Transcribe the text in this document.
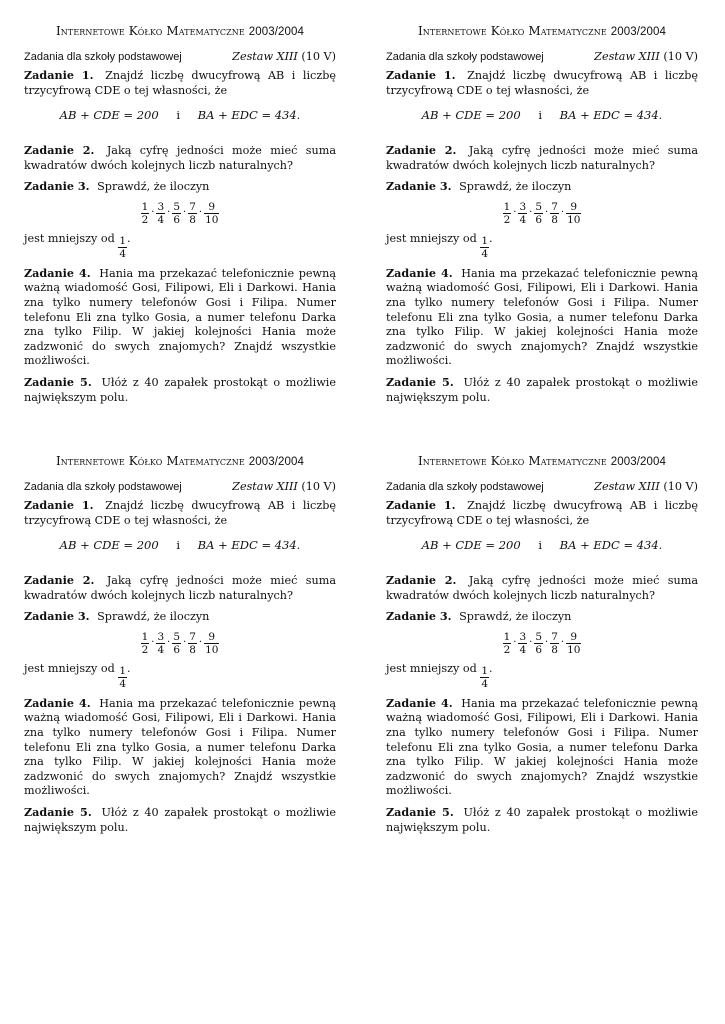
Internetowe Kółko Matematyczne 2003/2004
Zadania dla szkoły podstawowej	Zestaw XIII (10 V)

Zadanie 1. Znajdź liczbę dwucyfrową AB i liczbę trzycyfrową CDE o tej własności, że

AB + CDE = 200 i BA + EDC = 434.

Zadanie 2. Jaką cyfrę jedności może mieć suma kwadratów dwóch kolejnych liczb naturalnych?

Zadanie 3. Sprawdź, że iloczyn

$\frac{1}{2} \cdot \frac{3}{4} \cdot \frac{5}{6} \cdot \frac{7}{8} \cdot \frac{9}{10}$
jest mniejszy od $\frac{1}{4}$ .

Zadanie 4. Hania ma przekazać telefonicznie pewną ważną wiadomość Gosi, Filipowi, Eli i Darkowi. Hania zna tylko numery telefonów Gosi i Filipa. Numer telefonu Eli zna tylko Gosia, a numer telefonu Darka zna tylko Filip. W jakiej kolejności Hania może zadzwonić do swych znajomych? Znajdź wszystkie możliwości.

Zadanie 5. Ułóż z 40 zapałek prostokąt o możliwie największym polu.

Internetowe Kółko Matematyczne 2003/2004
Zadania dla szkoły podstawowej	Zestaw XIII (10 V)

Zadanie 1. Znajdź liczbę dwucyfrową AB i liczbę trzycyfrową CDE o tej własności, że

AB + CDE = 200 i BA + EDC = 434.

Zadanie 2. Jaką cyfrę jedności może mieć suma kwadratów dwóch kolejnych liczb naturalnych?

Zadanie 3. Sprawdź, że iloczyn

$\frac{1}{2} \cdot \frac{3}{4} \cdot \frac{5}{6} \cdot \frac{7}{8} \cdot \frac{9}{10}$
jest mniejszy od $\frac{1}{4}$ .

Zadanie 4. Hania ma przekazać telefonicznie pewną ważną wiadomość Gosi, Filipowi, Eli i Darkowi. Hania zna tylko numery telefonów Gosi i Filipa. Numer telefonu Eli zna tylko Gosia, a numer telefonu Darka zna tylko Filip. W jakiej kolejności Hania może zadzwonić do swych znajomych? Znajdź wszystkie możliwości.

Zadanie 5. Ułóż z 40 zapałek prostokąt o możliwie największym polu.

Internetowe Kółko Matematyczne 2003/2004
Zadania dla szkoły podstawowej	Zestaw XIII (10 V)

Zadanie 1. Znajdź liczbę dwucyfrową AB i liczbę trzycyfrową CDE o tej własności, że

AB + CDE = 200 i BA + EDC = 434.

Zadanie 2. Jaką cyfrę jedności może mieć suma kwadratów dwóch kolejnych liczb naturalnych?

Zadanie 3. Sprawdź, że iloczyn

$\frac{1}{2} \cdot \frac{3}{4} \cdot \frac{5}{6} \cdot \frac{7}{8} \cdot \frac{9}{10}$
jest mniejszy od $\frac{1}{4}$ .

Zadanie 4. Hania ma przekazać telefonicznie pewną ważną wiadomość Gosi, Filipowi, Eli i Darkowi. Hania zna tylko numery telefonów Gosi i Filipa. Numer telefonu Eli zna tylko Gosia, a numer telefonu Darka zna tylko Filip. W jakiej kolejności Hania może zadzwonić do swych znajomych? Znajdź wszystkie możliwości.

Zadanie 5. Ułóż z 40 zapałek prostokąt o możliwie największym polu.

Internetowe Kółko Matematyczne 2003/2004
Zadania dla szkoły podstawowej	Zestaw XIII (10 V)

Zadanie 1. Znajdź liczbę dwucyfrową AB i liczbę trzycyfrową CDE o tej własności, że

AB + CDE = 200 i BA + EDC = 434.

Zadanie 2. Jaką cyfrę jedności może mieć suma kwadratów dwóch kolejnych liczb naturalnych?

Zadanie 3. Sprawdź, że iloczyn

$\frac{1}{2} \cdot \frac{3}{4} \cdot \frac{5}{6} \cdot \frac{7}{8} \cdot \frac{9}{10}$
jest mniejszy od $\frac{1}{4}$ .

Zadanie 4. Hania ma przekazać telefonicznie pewną ważną wiadomość Gosi, Filipowi, Eli i Darkowi. Hania zna tylko numery telefonów Gosi i Filipa. Numer telefonu Eli zna tylko Gosia, a numer telefonu Darka zna tylko Filip. W jakiej kolejności Hania może zadzwonić do swych znajomych? Znajdź wszystkie możliwości.

Zadanie 5. Ułóż z 40 zapałek prostokąt o możliwie największym polu.
